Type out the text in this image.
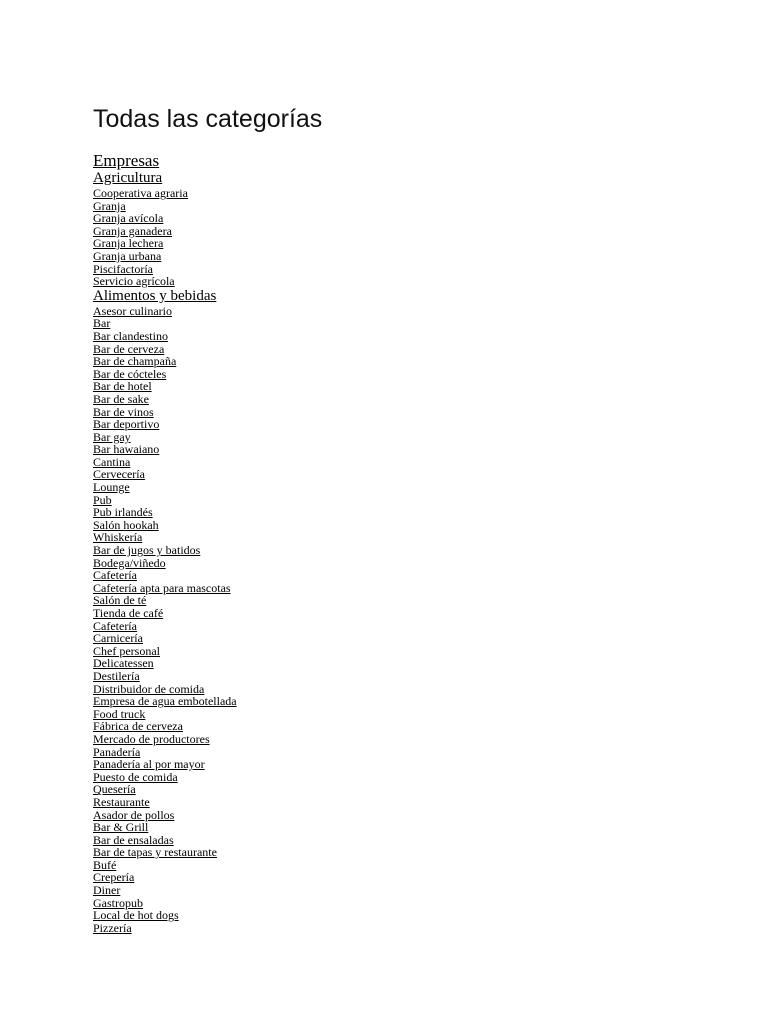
Todas las categorías
Empresas
Agricultura
Cooperativa agraria
Granja
Granja avícola
Granja ganadera
Granja lechera
Granja urbana
Piscifactoría
Servicio agrícola
Alimentos y bebidas
Asesor culinario
Bar
Bar clandestino
Bar de cerveza
Bar de champaña
Bar de cócteles
Bar de hotel
Bar de sake
Bar de vinos
Bar deportivo
Bar gay
Bar hawaiano
Cantina
Cervecería
Lounge
Pub
Pub irlandés
Salón hookah
Whiskería
Bar de jugos y batidos
Bodega/viñedo
Cafetería
Cafetería apta para mascotas
Salón de té
Tienda de café
Cafetería
Carnicería
Chef personal
Delicatessen
Destilería
Distribuidor de comida
Empresa de agua embotellada
Food truck
Fábrica de cerveza
Mercado de productores
Panadería
Panadería al por mayor
Puesto de comida
Quesería
Restaurante
Asador de pollos
Bar & Grill
Bar de ensaladas
Bar de tapas y restaurante
Bufé
Crepería
Diner
Gastropub
Local de hot dogs
Pizzería
